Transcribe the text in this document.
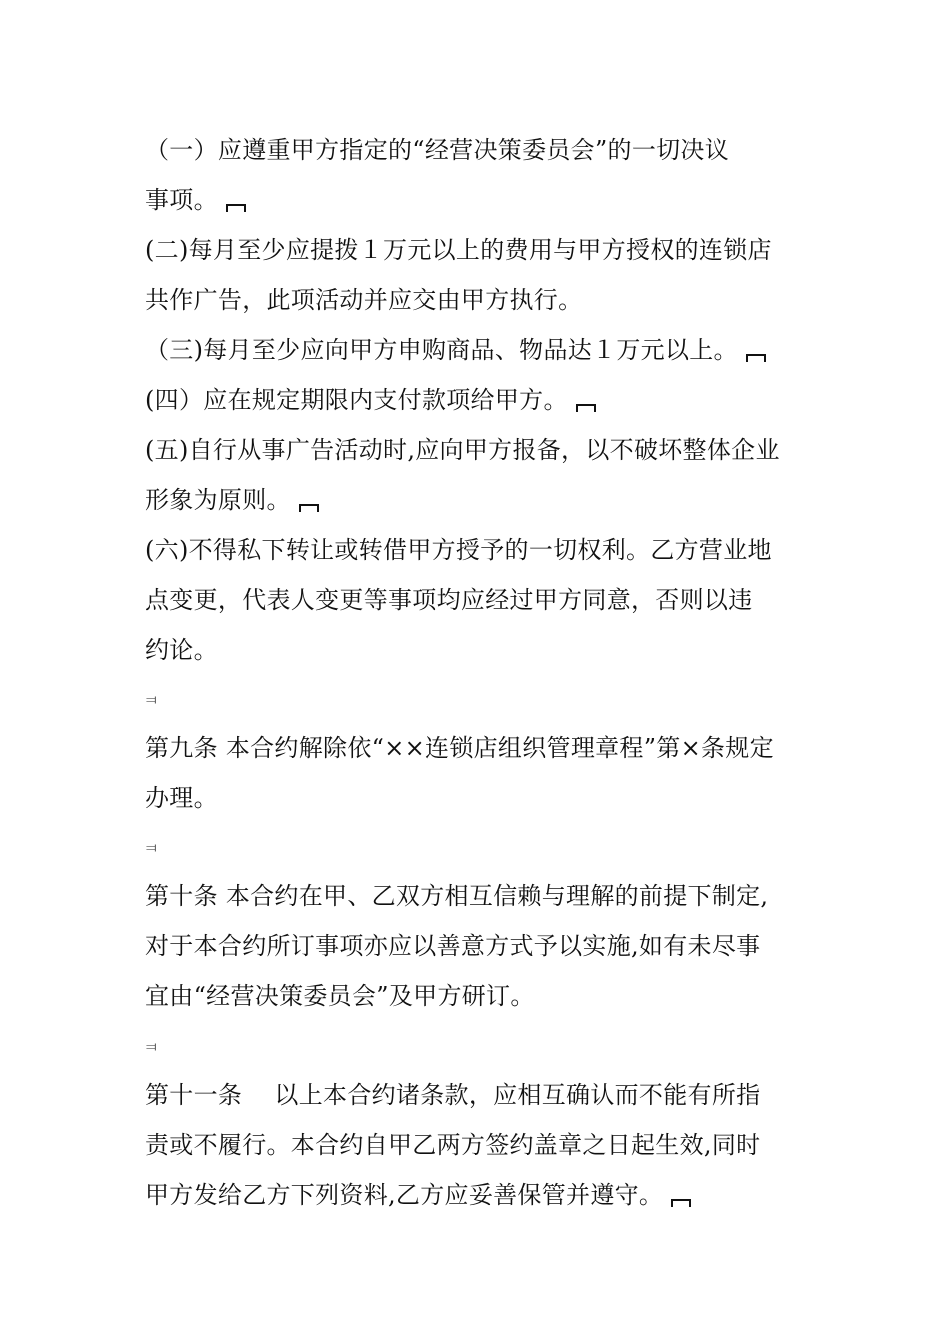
（一）应遵重甲方指定的“经营决策委员会”的一切决议
事项。
(二)每月至少应提拨１万元以上的费用与甲方授权的连锁店
共作广告，此项活动并应交由甲方执行。
（三)每月至少应向甲方申购商品、物品达１万元以上。
(四）应在规定期限内支付款项给甲方。
(五)自行从事广告活动时,应向甲方报备，以不破坏整体企业
形象为原则。
(六)不得私下转让或转借甲方授予的一切权利。乙方营业地
点变更，代表人变更等事项均应经过甲方同意，否则以违
约论。
⫤
第九条 本合约解除依“××连锁店组织管理章程”第×条规定
办理。
⫤
第十条 本合约在甲、乙双方相互信赖与理解的前提下制定,
对于本合约所订事项亦应以善意方式予以实施,如有未尽事
宜由“经营决策委员会”及甲方研订。
⫤
第十一条　 以上本合约诸条款，应相互确认而不能有所指
责或不履行。本合约自甲乙两方签约盖章之日起生效,同时
甲方发给乙方下列资料,乙方应妥善保管并遵守。
